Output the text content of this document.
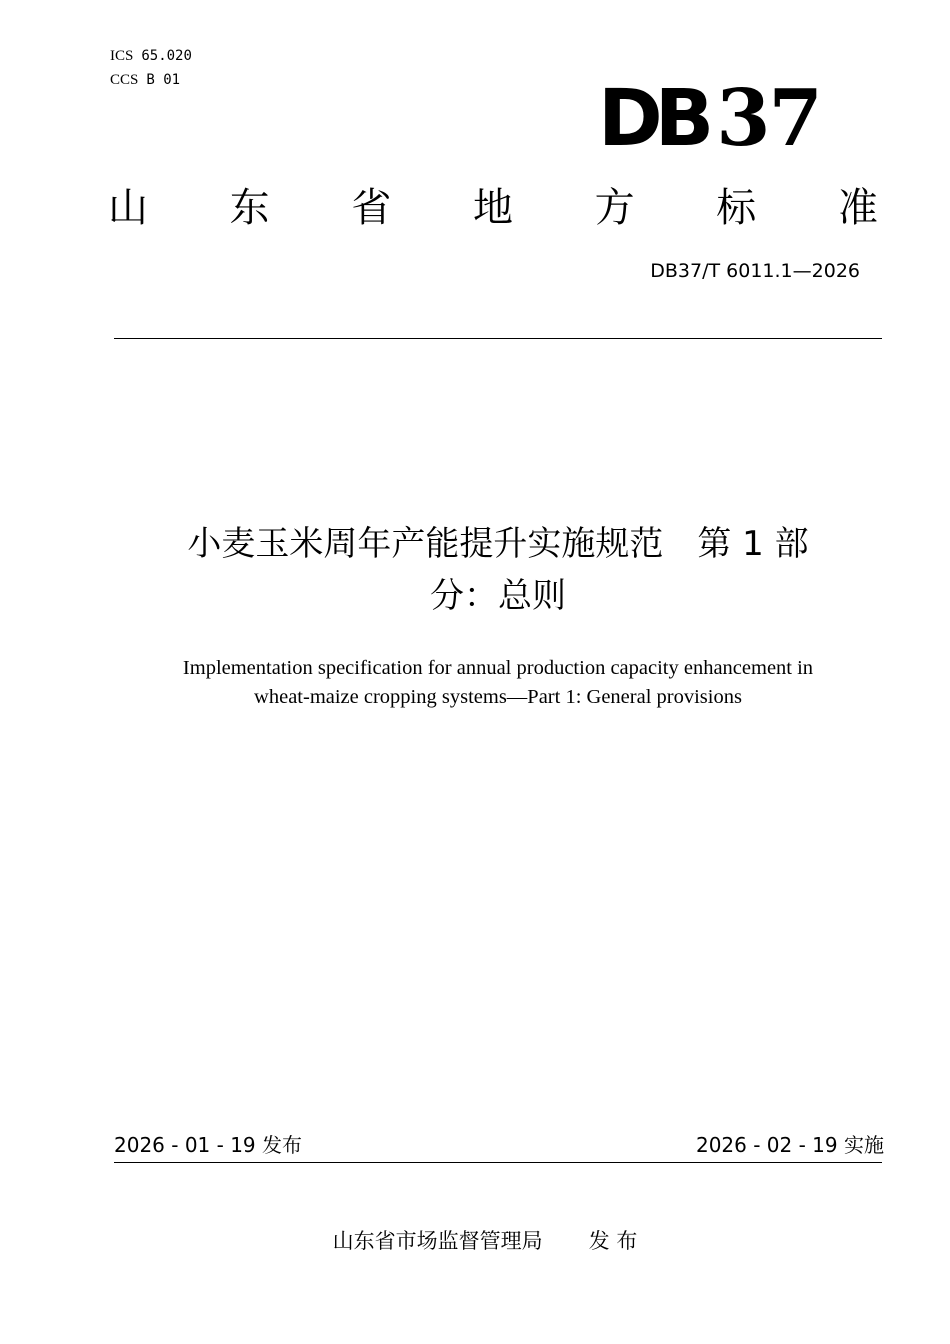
ICS 65.020
CCS B 01	DB 37
山 东 省 地 方 标 准
DB37/T 6011.1—2026
小麦玉米周年产能提升实施规范　第 1 部
分：总则
Implementation specification for annual production capacity enhancement in
wheat-maize cropping systems—Part 1: General provisions
2026 - 01 - 19 发布	2026 - 02 - 19 实施
山东省市场监督管理局 发 布
